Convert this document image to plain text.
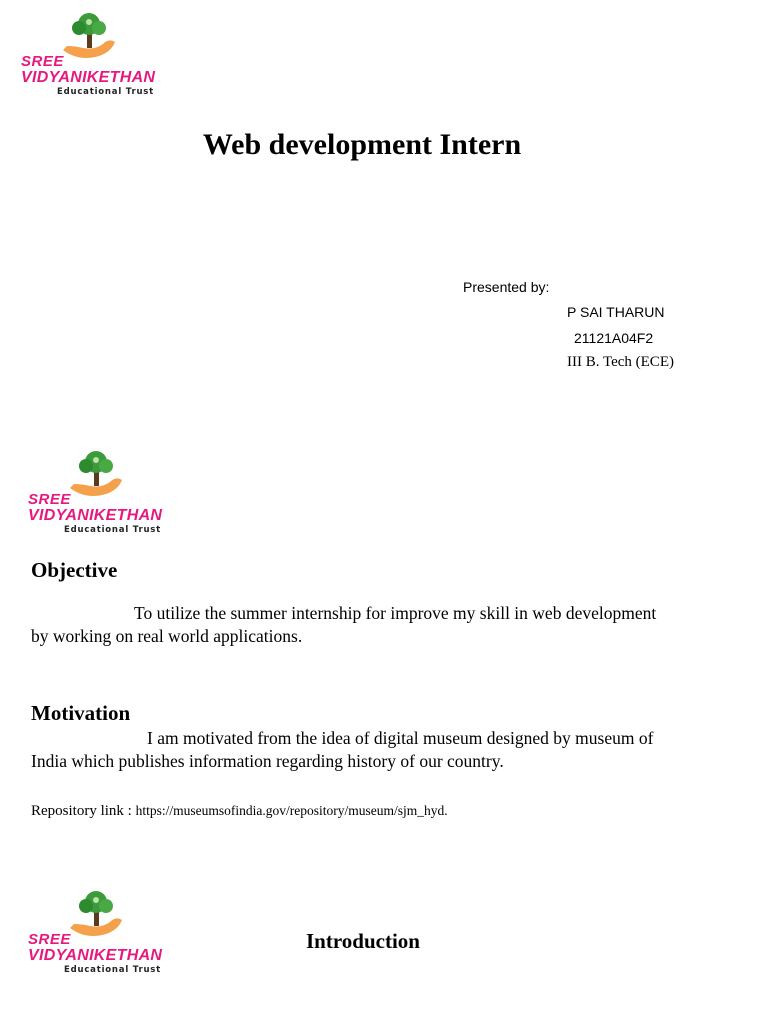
SREE
VIDYANIKETHAN
Educational Trust
Web development Intern
Presented by:
P SAI THARUN
21121A04F2
III B. Tech (ECE)
SREE
VIDYANIKETHAN
Educational Trust
Objective
To utilize the summer internship for improve my skill in web development
by working on real world applications.
Motivation
I am motivated from the idea of digital museum designed by museum of
India which publishes information regarding history of our country.
Repository link : https://museumsofindia.gov/repository/museum/sjm_hyd.
SREE
VIDYANIKETHAN
Educational Trust
Introduction
